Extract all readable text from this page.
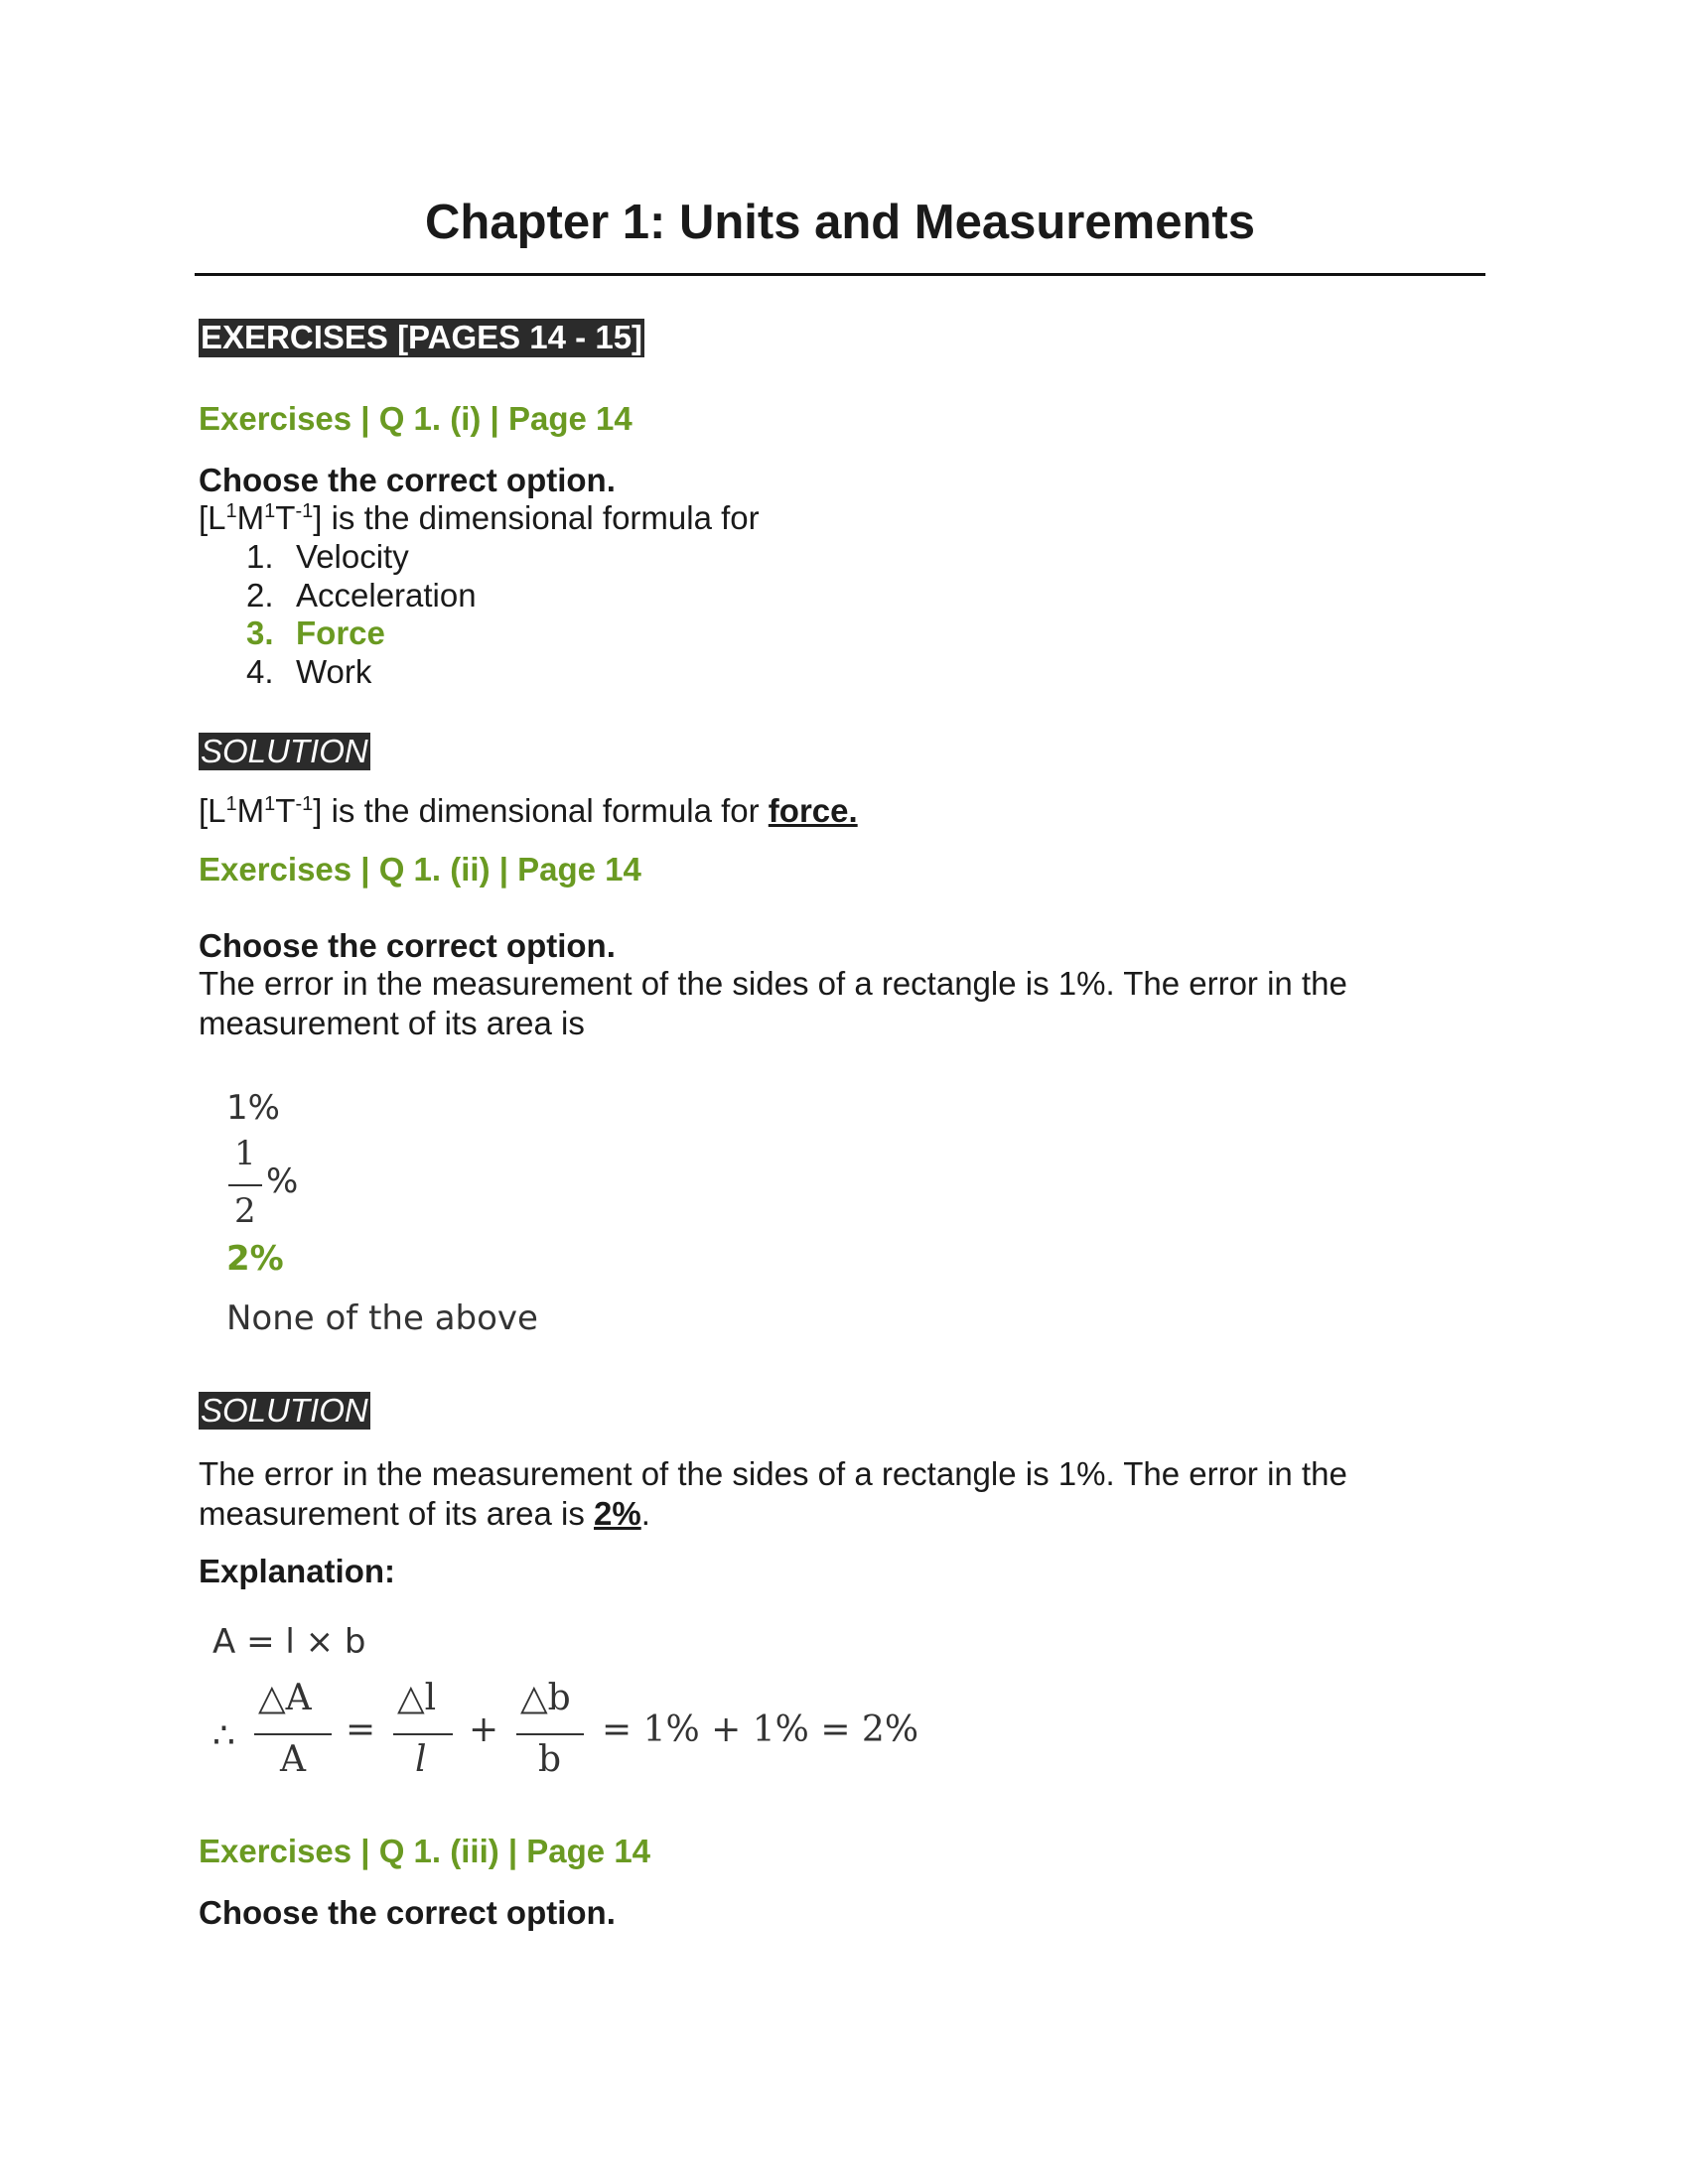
Chapter 1: Units and Measurements
EXERCISES [PAGES 14 - 15]
Exercises | Q 1. (i) | Page 14
Choose the correct option.
$[L^1M^1T^{-1}]$ is the dimensional formula for
1. Velocity
2. Acceleration
3. Force
4. Work
SOLUTION
$[L^1M^1T^{-1}]$ is the dimensional formula for force.
Exercises | Q 1. (ii) | Page 14
Choose the correct option.
The error in the measurement of the sides of a rectangle is 1%. The error in the
measurement of its area is
1%
1
2
%
2%
None of the above
SOLUTION
The error in the measurement of the sides of a rectangle is 1%. The error in the
measurement of its area is 2%.
Explanation:
A = l × b
∴
△A
A
=
△l
l
+
△b
b
= 1% + 1% = 2%
Exercises | Q 1. (iii) | Page 14
Choose the correct option.
